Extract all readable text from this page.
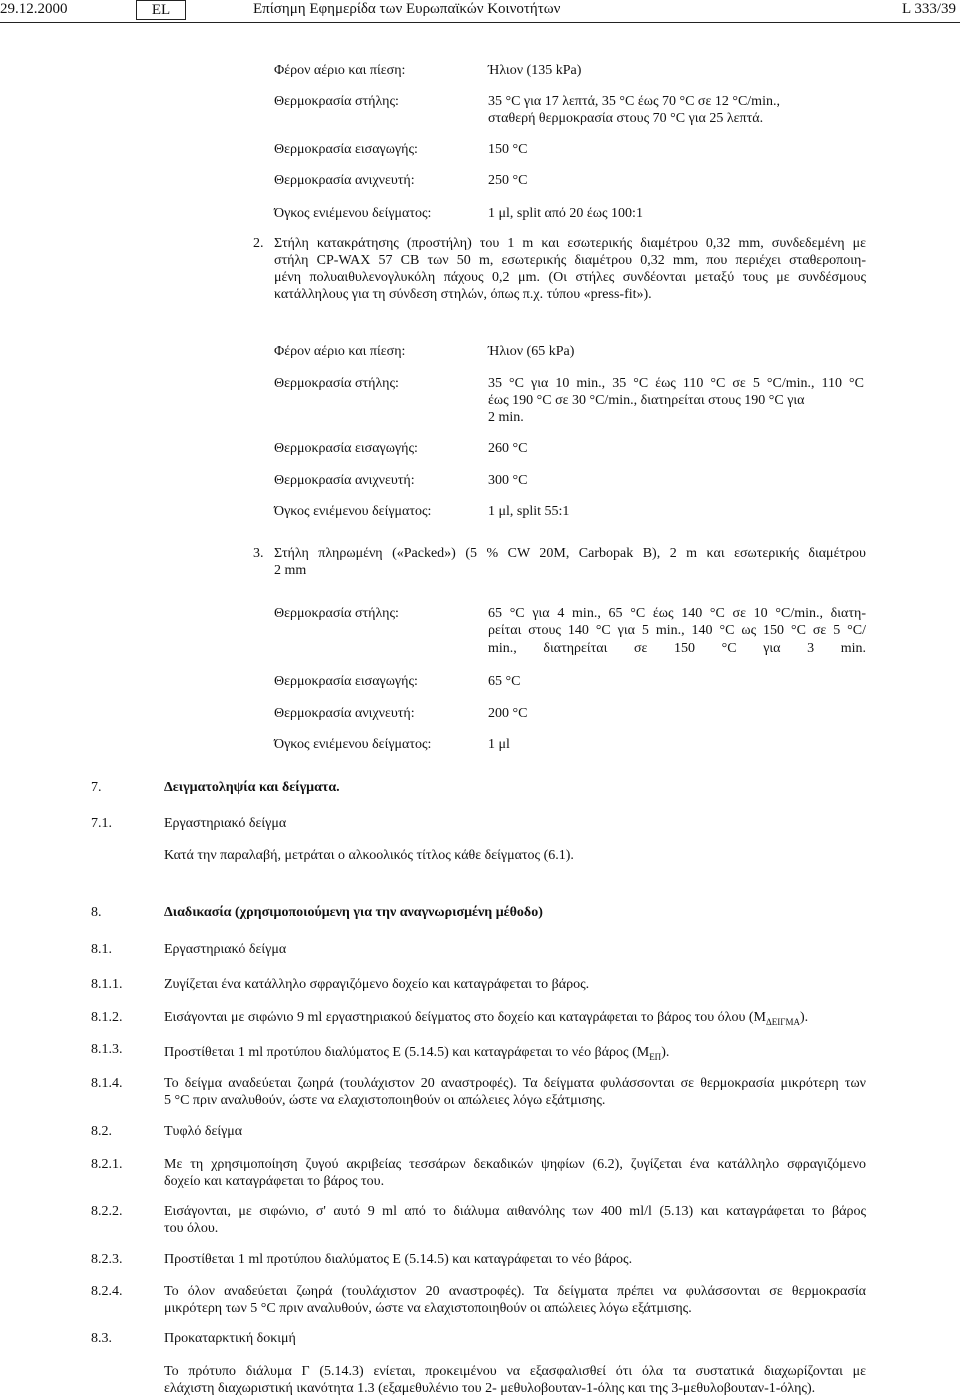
29.12.2000	EL	Επίσημη Εφημερίδα των Ευρωπαϊκών Κοινοτήτων	L 333/39
Φέρον αέριο και πίεση:	Ήλιον (135 kPa)
Θερμοκρασία στήλης:	35 °C για 17 λεπτά, 35 °C έως 70 °C σε 12 °C/min.,
σταθερή θερμοκρασία στους 70 °C για 25 λεπτά.
Θερμοκρασία εισαγωγής:	150 °C
Θερμοκρασία ανιχνευτή:	250 °C
Όγκος ενιέμενου δείγματος:	1 μl, split από 20 έως 100:1
2. Στήλη κατακράτησης (προστήλη) του 1 m και εσωτερικής διαμέτρου 0,32 mm, συνδεδεμένη με
στήλη CP-WAX 57 CB των 50 m, εσωτερικής διαμέτρου 0,32 mm, που περιέχει σταθεροποιη-
μένη πολυαιθυλενογλυκόλη πάχους 0,2 μm. (Οι στήλες συνδέονται μεταξύ τους με συνδέσμους
κατάλληλους για τη σύνδεση στηλών, όπως π.χ. τύπου «press-fit»).
Φέρον αέριο και πίεση:	Ήλιον (65 kPa)
Θερμοκρασία στήλης:	35 °C για 10 min., 35 °C έως 110 °C σε 5 °C/min., 110 °C
έως 190 °C σε 30 °C/min., διατηρείται στους 190 °C για
2 min.
Θερμοκρασία εισαγωγής:	260 °C
Θερμοκρασία ανιχνευτή:	300 °C
Όγκος ενιέμενου δείγματος:	1 μl, split 55:1
3. Στήλη πληρωμένη («Packed») (5 % CW 20M, Carbopak B), 2 m και εσωτερικής διαμέτρου
2 mm
Θερμοκρασία στήλης:	65 °C για 4 min., 65 °C έως 140 °C σε 10 °C/min., διατη-
ρείται στους 140 °C για 5 min., 140 °C ως 150 °C σε 5 °C/
min., διατηρείται σε 150 °C για 3 min.
Θερμοκρασία εισαγωγής:	65 °C
Θερμοκρασία ανιχνευτή:	200 °C
Όγκος ενιέμενου δείγματος:	1 μl
7.	Δειγματοληψία και δείγματα.
7.1.	Εργαστηριακό δείγμα
Κατά την παραλαβή, μετράται ο αλκοολικός τίτλος κάθε δείγματος (6.1).
8.	Διαδικασία (χρησιμοποιούμενη για την αναγνωρισμένη μέθοδο)
8.1.	Εργαστηριακό δείγμα
8.1.1.	Ζυγίζεται ένα κατάλληλο σφραγιζόμενο δοχείο και καταγράφεται το βάρος.
8.1.2.	Εισάγονται με σιφώνιο 9 ml εργαστηριακού δείγματος στο δοχείο και καταγράφεται το βάρος του όλου $(M_{\Delta EI\Gamma MA})$.
8.1.3.	Προστίθεται 1 ml προτύπου διαλύματος Ε (5.14.5) και καταγράφεται το νέο βάρος $(M_{E\Pi})$.
8.1.4.	Το δείγμα αναδεύεται ζωηρά (τουλάχιστον 20 αναστροφές). Τα δείγματα φυλάσσονται σε θερμοκρασία μικρότερη των
5 °C πριν αναλυθούν, ώστε να ελαχιστοποιηθούν οι απώλειες λόγω εξάτμισης.
8.2.	Τυφλό δείγμα
8.2.1.	Με τη χρησιμοποίηση ζυγού ακριβείας τεσσάρων δεκαδικών ψηφίων (6.2), ζυγίζεται ένα κατάλληλο σφραγιζόμενο
δοχείο και καταγράφεται το βάρος του.
8.2.2.	Εισάγονται, με σιφώνιο, σ' αυτό 9 ml από το διάλυμα αιθανόλης των 400 ml/l (5.13) και καταγράφεται το βάρος
του όλου.
8.2.3.	Προστίθεται 1 ml προτύπου διαλύματος Ε (5.14.5) και καταγράφεται το νέο βάρος.
8.2.4.	Το όλον αναδεύεται ζωηρά (τουλάχιστον 20 αναστροφές). Τα δείγματα πρέπει να φυλάσσονται σε θερμοκρασία
μικρότερη των 5 °C πριν αναλυθούν, ώστε να ελαχιστοποιηθούν οι απώλειες λόγω εξάτμισης.
8.3.	Προκαταρκτική δοκιμή
Το πρότυπο διάλυμα Γ (5.14.3) ενίεται, προκειμένου να εξασφαλισθεί ότι όλα τα συστατικά διαχωρίζονται με
ελάχιστη διαχωριστική ικανότητα 1.3 (εξαμεθυλένιο του 2- μεθυλοβουταν-1-όλης και της 3-μεθυλοβουταν-1-όλης).
